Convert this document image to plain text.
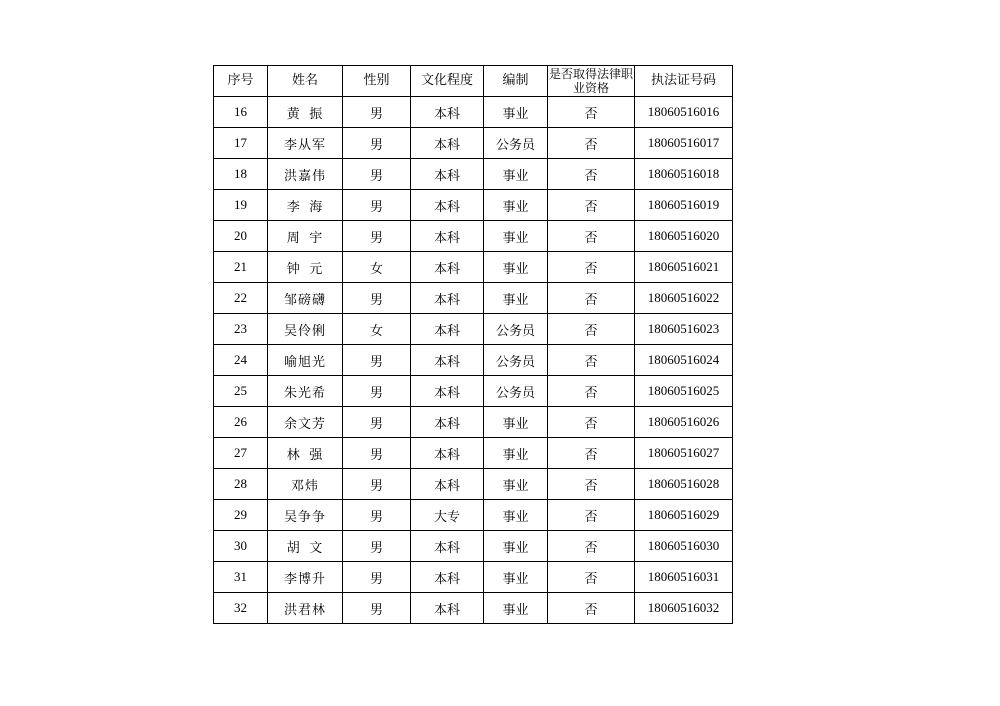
序号	姓名	性别	文化程度	编制	是否取得法律职业资格	执法证号码
16	黄  振	男	本科	事业	否	18060516016
17	李从军	男	本科	公务员	否	18060516017
18	洪嘉伟	男	本科	事业	否	18060516018
19	李  海	男	本科	事业	否	18060516019
20	周  宇	男	本科	事业	否	18060516020
21	钟  元	女	本科	事业	否	18060516021
22	邹磅礴	男	本科	事业	否	18060516022
23	吴伶俐	女	本科	公务员	否	18060516023
24	喻旭光	男	本科	公务员	否	18060516024
25	朱光希	男	本科	公务员	否	18060516025
26	余文芳	男	本科	事业	否	18060516026
27	林  强	男	本科	事业	否	18060516027
28	邓炜	男	本科	事业	否	18060516028
29	吴争争	男	大专	事业	否	18060516029
30	胡  文	男	本科	事业	否	18060516030
31	李博升	男	本科	事业	否	18060516031
32	洪君林	男	本科	事业	否	18060516032
